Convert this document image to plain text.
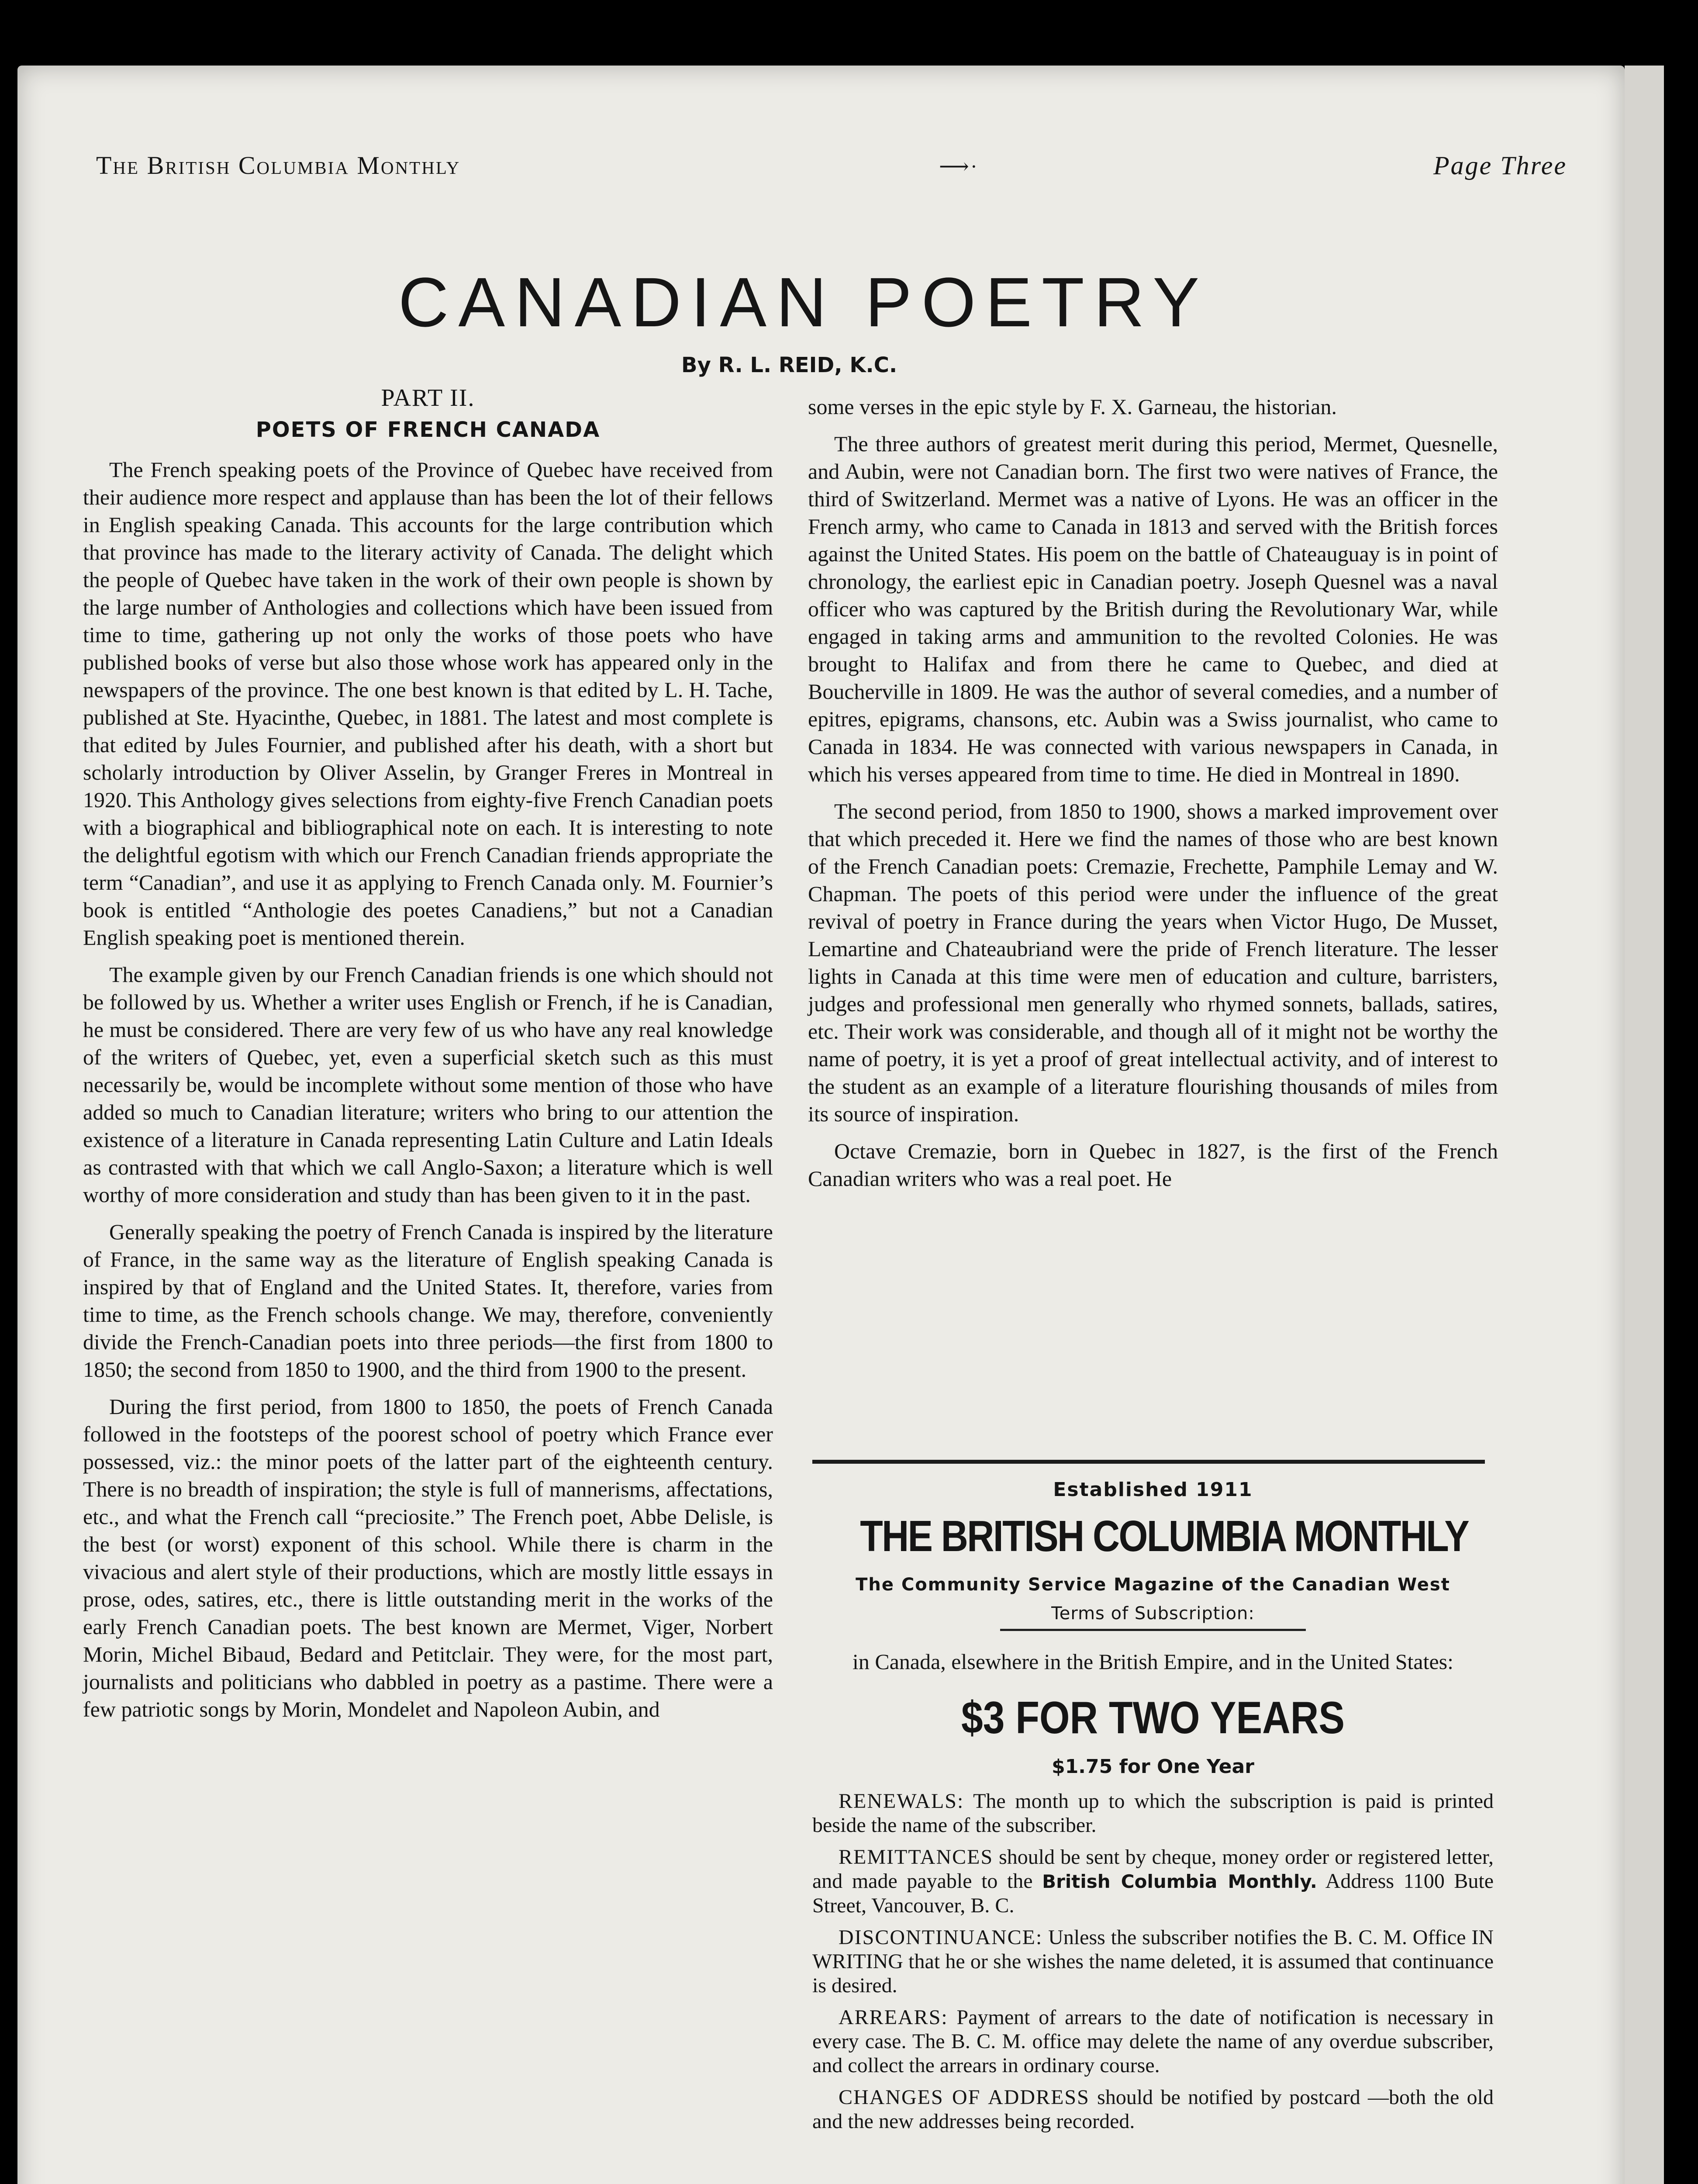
The British Columbia Monthly	⟶·	Page Three
CANADIAN POETRY
By R. L. REID, K.C.
PART II.
POETS OF FRENCH CANADA

The French speaking poets of the Province of Quebec have received from their audience more respect and applause than has been the lot of their fellows in English speaking Canada. This accounts for the large contribution which that province has made to the literary activity of Canada. The delight which the people of Quebec have taken in the work of their own people is shown by the large number of Anthologies and collections which have been issued from time to time, gathering up not only the works of those poets who have published books of verse but also those whose work has appeared only in the newspapers of the province. The one best known is that edited by L. H. Tache, published at Ste. Hyacinthe, Quebec, in 1881. The latest and most complete is that edited by Jules Fournier, and published after his death, with a short but scholarly introduction by Oliver Asselin, by Granger Freres in Montreal in 1920. This Anthology gives selections from eighty-five French Canadian poets with a biographical and bibliographical note on each. It is interesting to note the delightful egotism with which our French Canadian friends appropriate the term “Canadian”, and use it as applying to French Canada only. M. Fournier’s book is entitled “Anthologie des poetes Canadiens,” but not a Canadian English speaking poet is mentioned therein.

The example given by our French Canadian friends is one which should not be followed by us. Whether a writer uses English or French, if he is Canadian, he must be considered. There are very few of us who have any real knowledge of the writers of Quebec, yet, even a superficial sketch such as this must necessarily be, would be incomplete without some mention of those who have added so much to Canadian literature; writers who bring to our attention the existence of a literature in Canada representing Latin Culture and Latin Ideals as contrasted with that which we call Anglo-Saxon; a literature which is well worthy of more consideration and study than has been given to it in the past.

Generally speaking the poetry of French Canada is inspired by the literature of France, in the same way as the literature of English speaking Canada is inspired by that of England and the United States. It, therefore, varies from time to time, as the French schools change. We may, therefore, conveniently divide the French-Canadian poets into three periods—the first from 1800 to 1850; the second from 1850 to 1900, and the third from 1900 to the present.

During the first period, from 1800 to 1850, the poets of French Canada followed in the footsteps of the poorest school of poetry which France ever possessed, viz.: the minor poets of the latter part of the eighteenth century. There is no breadth of inspiration; the style is full of mannerisms, affectations, etc., and what the French call “preciosite.” The French poet, Abbe Delisle, is the best (or worst) exponent of this school. While there is charm in the vivacious and alert style of their productions, which are mostly little essays in prose, odes, satires, etc., there is little outstanding merit in the works of the early French Canadian poets. The best known are Mermet, Viger, Norbert Morin, Michel Bibaud, Bedard and Petitclair. They were, for the most part, journalists and politicians who dabbled in poetry as a pastime. There were a few patriotic songs by Morin, Mondelet and Napoleon Aubin, and

some verses in the epic style by F. X. Garneau, the historian.

The three authors of greatest merit during this period, Mermet, Quesnelle, and Aubin, were not Canadian born. The first two were natives of France, the third of Switzerland. Mermet was a native of Lyons. He was an officer in the French army, who came to Canada in 1813 and served with the British forces against the United States. His poem on the battle of Chateauguay is in point of chronology, the earliest epic in Canadian poetry. Joseph Quesnel was a naval officer who was captured by the British during the Revolutionary War, while engaged in taking arms and ammunition to the revolted Colonies. He was brought to Halifax and from there he came to Quebec, and died at Boucherville in 1809. He was the author of several comedies, and a number of epitres, epigrams, chansons, etc. Aubin was a Swiss journalist, who came to Canada in 1834. He was connected with various newspapers in Canada, in which his verses appeared from time to time. He died in Montreal in 1890.

The second period, from 1850 to 1900, shows a marked improvement over that which preceded it. Here we find the names of those who are best known of the French Canadian poets: Cremazie, Frechette, Pamphile Lemay and W. Chapman. The poets of this period were under the influence of the great revival of poetry in France during the years when Victor Hugo, De Musset, Lemartine and Chateaubriand were the pride of French literature. The lesser lights in Canada at this time were men of education and culture, barristers, judges and professional men generally who rhymed sonnets, ballads, satires, etc. Their work was considerable, and though all of it might not be worthy the name of poetry, it is yet a proof of great intellectual activity, and of interest to the student as an example of a literature flourishing thousands of miles from its source of inspiration.

Octave Cremazie, born in Quebec in 1827, is the first of the French Canadian writers who was a real poet. He

Established 1911
THE BRITISH COLUMBIA MONTHLY
The Community Service Magazine of the Canadian West
Terms of Subscription:
in Canada, elsewhere in the British Empire, and in the United States:
$3 FOR TWO YEARS
$1.75 for One Year

RENEWALS: The month up to which the subscription is paid is printed beside the name of the subscriber.

REMITTANCES should be sent by cheque, money order or registered letter, and made payable to the British Columbia Monthly. Address 1100 Bute Street, Vancouver, B. C.

DISCONTINUANCE: Unless the subscriber notifies the B. C. M. Office IN WRITING that he or she wishes the name deleted, it is assumed that continuance is desired.

ARREARS: Payment of arrears to the date of notification is necessary in every case. The B. C. M. office may delete the name of any overdue subscriber, and collect the arrears in ordinary course.

CHANGES OF ADDRESS should be notified by postcard —both the old and the new addresses being recorded.
